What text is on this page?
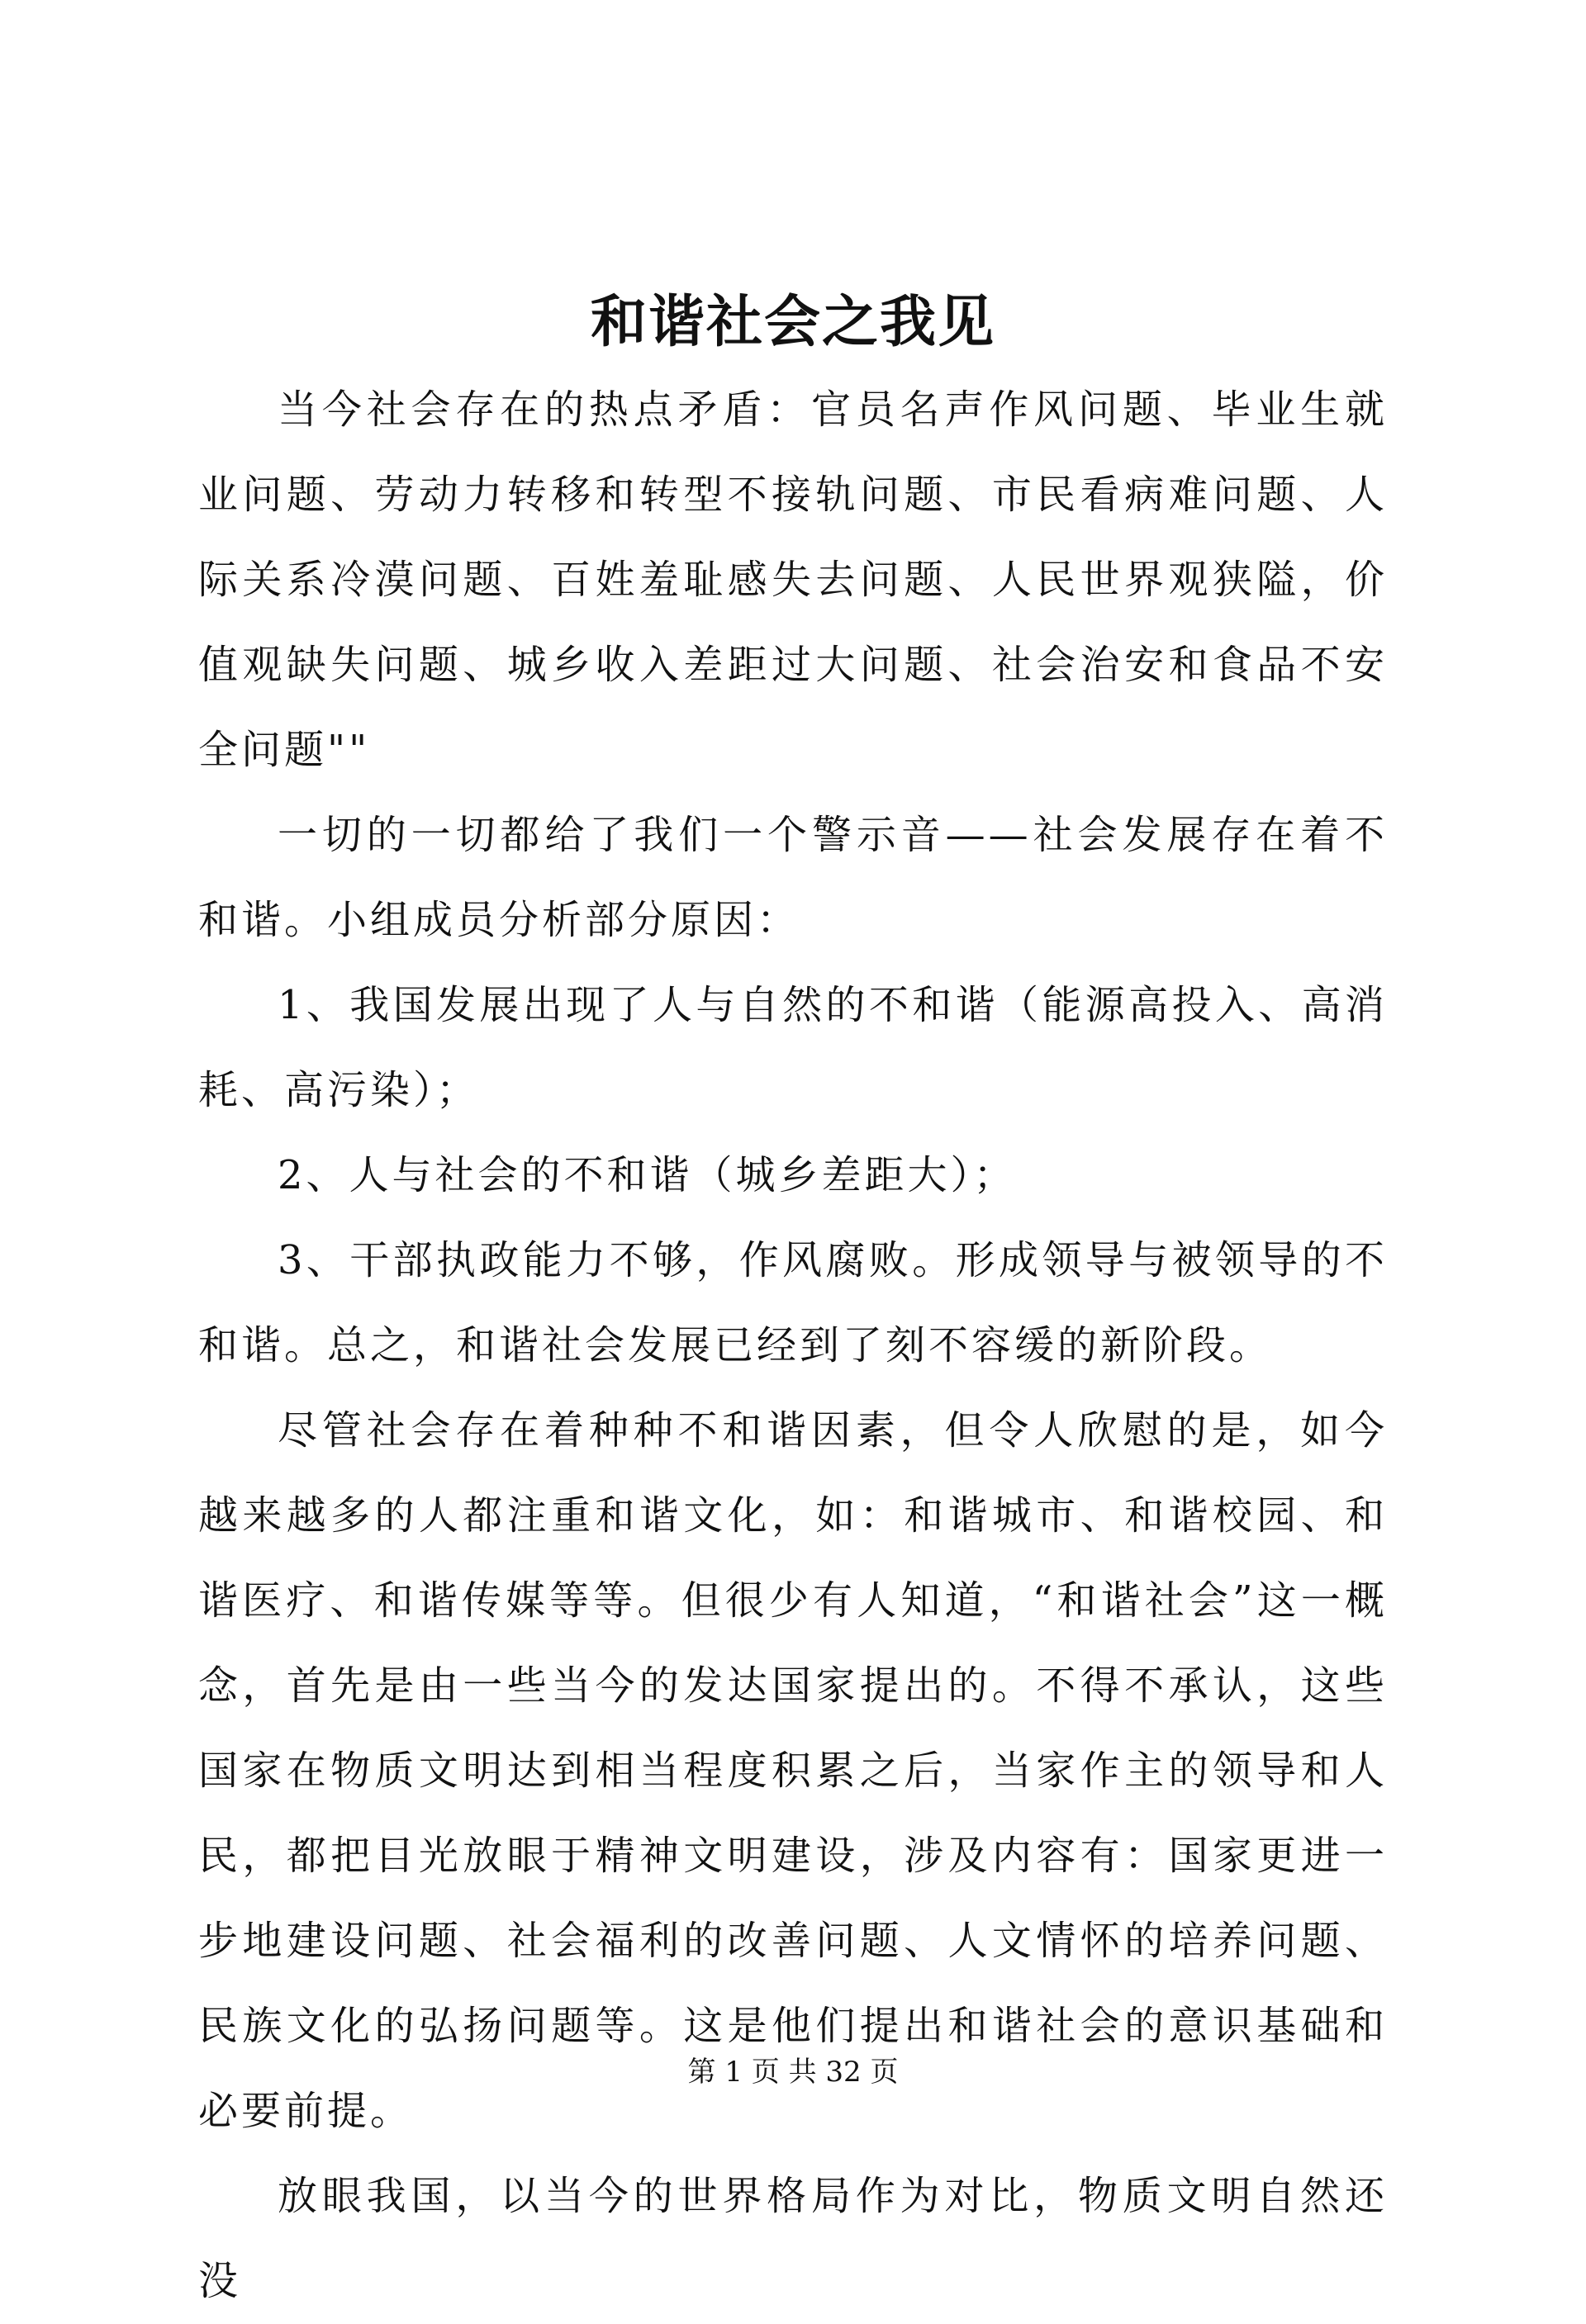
和谐社会之我见

当今社会存在的热点矛盾：官员名声作风问题、毕业生就业问题、劳动力转移和转型不接轨问题、市民看病难问题、人际关系冷漠问题、百姓羞耻感失去问题、人民世界观狭隘，价值观缺失问题、城乡收入差距过大问题、社会治安和食品不安全问题""

一切的一切都给了我们一个警示音——社会发展存在着不和谐。小组成员分析部分原因：

1、我国发展出现了人与自然的不和谐（能源高投入、高消耗、高污染）；

2、人与社会的不和谐（城乡差距大）；

3、干部执政能力不够，作风腐败。形成领导与被领导的不和谐。总之，和谐社会发展已经到了刻不容缓的新阶段。

尽管社会存在着种种不和谐因素，但令人欣慰的是，如今越来越多的人都注重和谐文化，如：和谐城市、和谐校园、和谐医疗、和谐传媒等等。但很少有人知道，“和谐社会”这一概念，首先是由一些当今的发达国家提出的。不得不承认，这些国家在物质文明达到相当程度积累之后，当家作主的领导和人民，都把目光放眼于精神文明建设，涉及内容有：国家更进一步地建设问题、社会福利的改善问题、人文情怀的培养问题、民族文化的弘扬问题等。这是他们提出和谐社会的意识基础和必要前提。

放眼我国，以当今的世界格局作为对比，物质文明自然还没

第 1 页 共 32 页
